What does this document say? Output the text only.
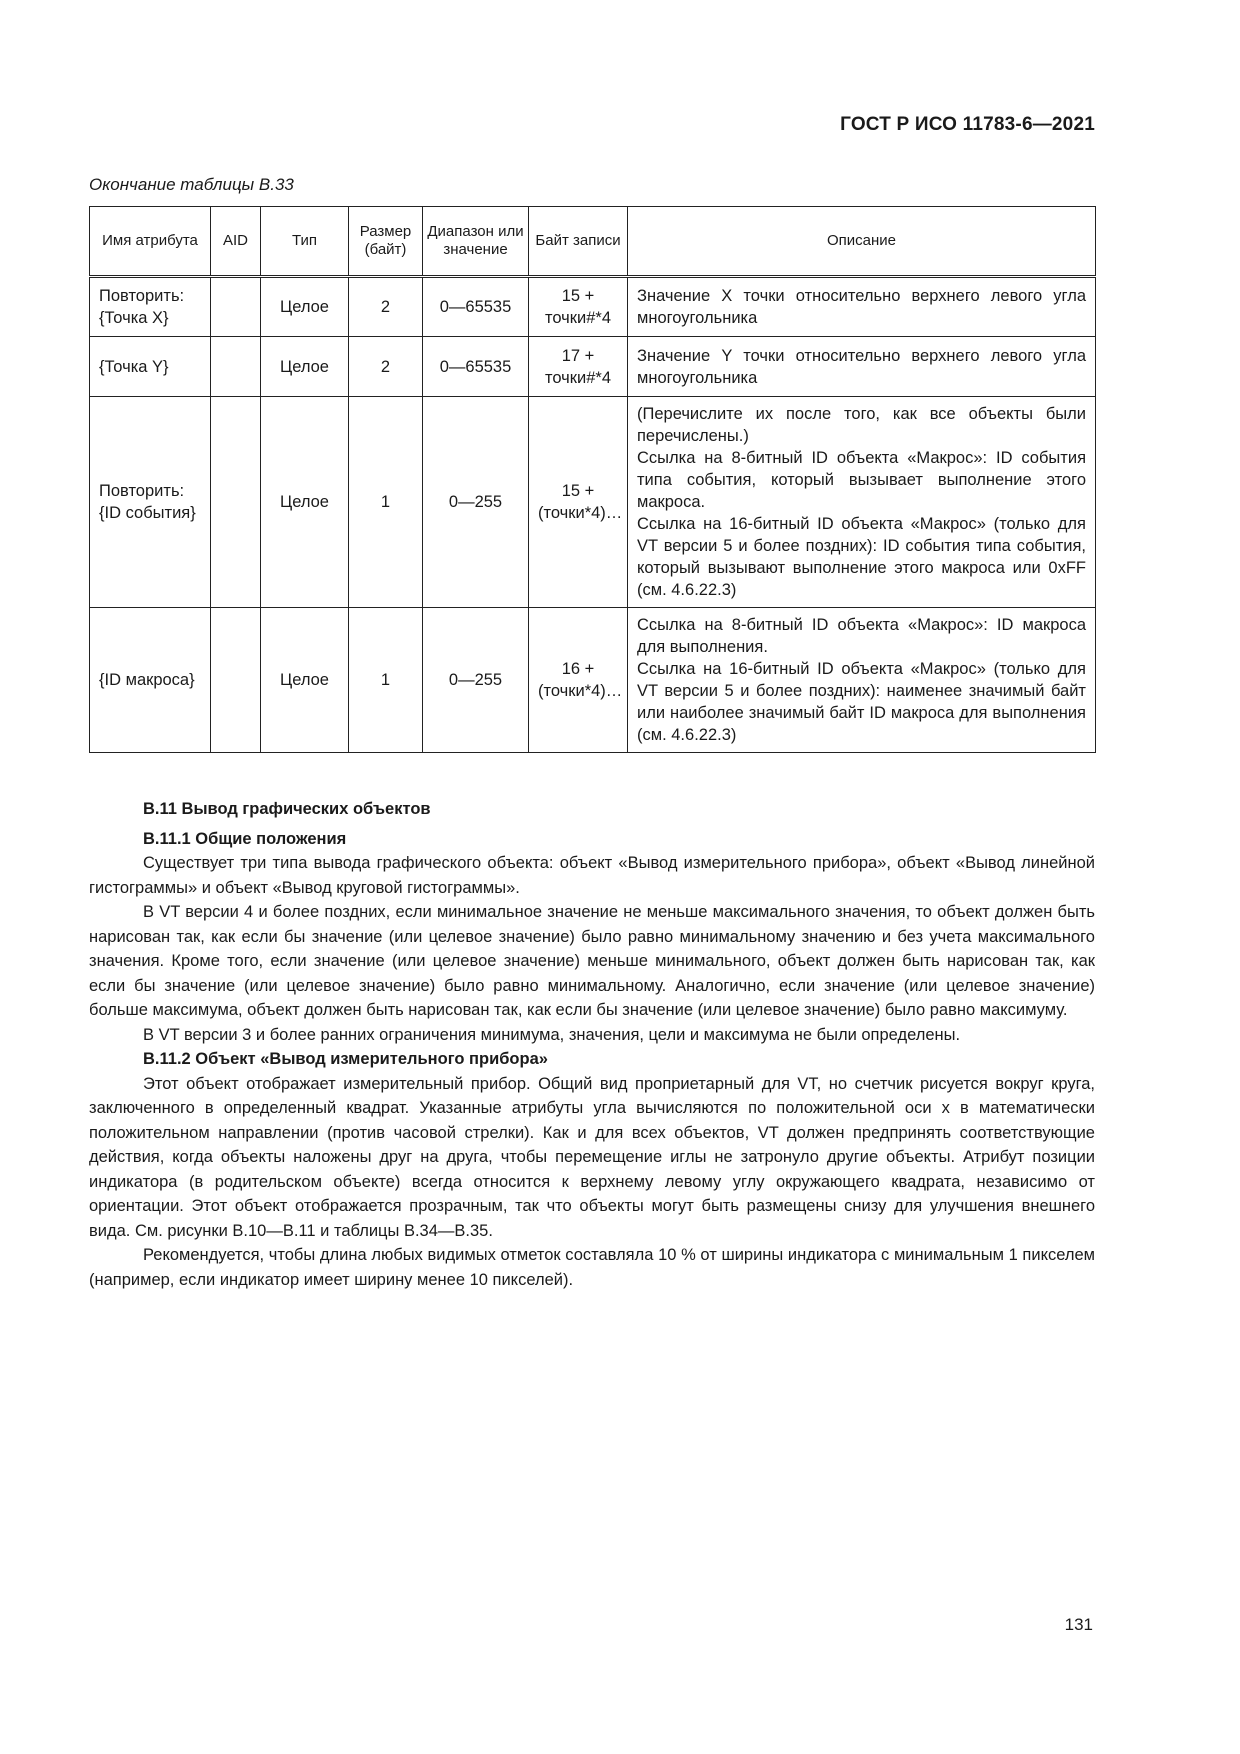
ГОСТ Р ИСО 11783-6—2021
Окончание таблицы В.33
Имя атрибута	AID	Тип	Размер (байт)	Диапазон или значение	Байт записи	Описание
Повторить: {Точка X}		Целое	2	0—65535	15 + точки#*4	Значение X точки относительно верхнего левого угла многоугольника

{Точка Y}		Целое	2	0—65535	17 + точки#*4	Значение Y точки относительно верхнего левого угла многоугольника

Повторить: {ID события}		Целое	1	0—255	15 + (точки*4)…	(Перечислите их после того, как все объекты были перечислены.)
Ссылка на 8-битный ID объекта «Макрос»: ID события типа события, который вызывает выполнение этого макроса.
Ссылка на 16-битный ID объекта «Макрос» (только для VT версии 5 и более поздних): ID события типа события, который вызывают выполнение этого макроса или 0xFF (см. 4.6.22.3)

{ID макроса}		Целое	1	0—255	16 + (точки*4)…	Ссылка на 8-битный ID объекта «Макрос»: ID макроса для выполнения.
Ссылка на 16-битный ID объекта «Макрос» (только для VT версии 5 и более поздних): наименее значимый байт или наиболее значимый байт ID макроса для выполнения (см. 4.6.22.3)
В.11 Вывод графических объектов
В.11.1 Общие положения

Существует три типа вывода графического объекта: объект «Вывод измерительного прибора», объект «Вывод линейной гистограммы» и объект «Вывод круговой гистограммы».

В VT версии 4 и более поздних, если минимальное значение не меньше максимального значения, то объект должен быть нарисован так, как если бы значение (или целевое значение) было равно минимальному значению и без учета максимального значения. Кроме того, если значение (или целевое значение) меньше минимального, объект должен быть нарисован так, как если бы значение (или целевое значение) было равно минимальному. Аналогично, если значение (или целевое значение) больше максимума, объект должен быть нарисован так, как если бы значение (или целевое значение) было равно максимуму.

В VT версии 3 и более ранних ограничения минимума, значения, цели и максимума не были определены.

В.11.2 Объект «Вывод измерительного прибора»

Этот объект отображает измерительный прибор. Общий вид проприетарный для VT, но счетчик рисуется вокруг круга, заключенного в определенный квадрат. Указанные атрибуты угла вычисляются по положительной оси x в математически положительном направлении (против часовой стрелки). Как и для всех объектов, VT должен предпринять соответствующие действия, когда объекты наложены друг на друга, чтобы перемещение иглы не затронуло другие объекты. Атрибут позиции индикатора (в родительском объекте) всегда относится к верхнему левому углу окружающего квадрата, независимо от ориентации. Этот объект отображается прозрачным, так что объекты могут быть размещены снизу для улучшения внешнего вида. См. рисунки В.10—В.11 и таблицы В.34—В.35.

Рекомендуется, чтобы длина любых видимых отметок составляла 10 % от ширины индикатора с минимальным 1 пикселем (например, если индикатор имеет ширину менее 10 пикселей).

131
